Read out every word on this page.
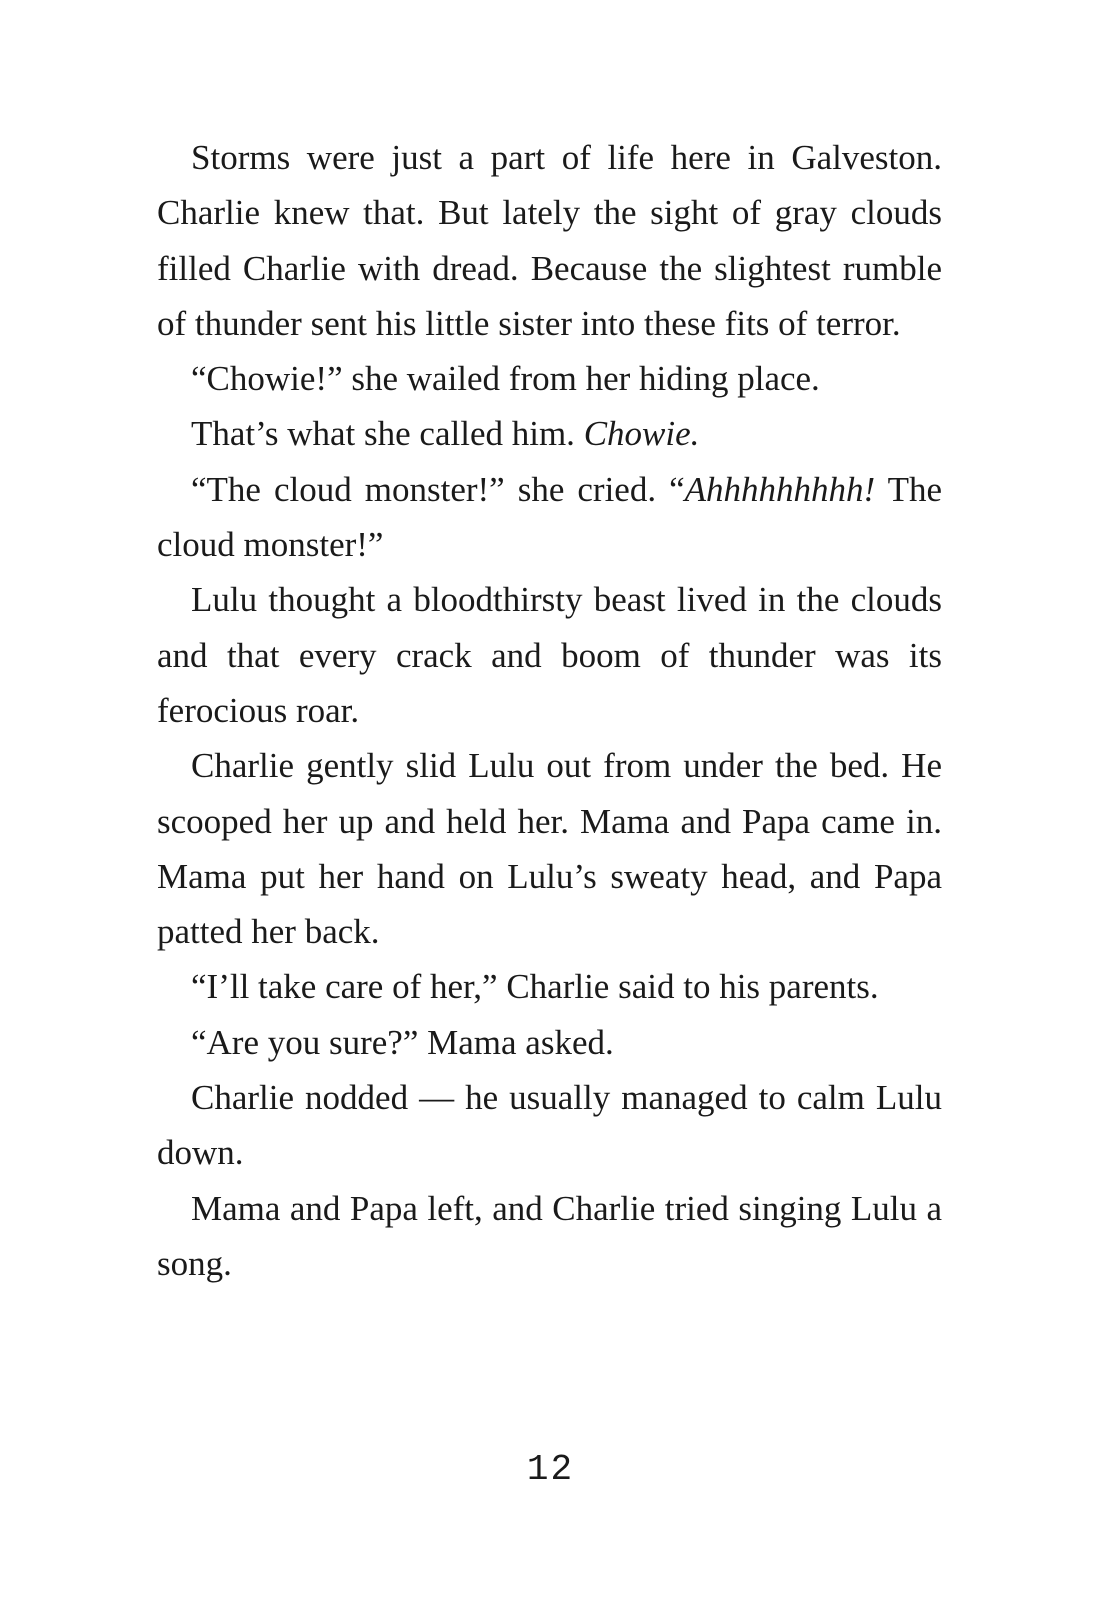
Storms were just a part of life here in Galveston. Charlie knew that. But lately the sight of gray clouds filled Charlie with dread. Because the slightest rumble of thunder sent his little sister into these fits of terror.

“Chowie!” she wailed from her hiding place.

That’s what she called him. Chowie.

“The cloud monster!” she cried. “Ahhhhhhhhh! The cloud monster!”

Lulu thought a bloodthirsty beast lived in the clouds and that every crack and boom of thunder was its ferocious roar.

Charlie gently slid Lulu out from under the bed. He scooped her up and held her. Mama and Papa came in. Mama put her hand on Lulu’s sweaty head, and Papa patted her back.

“I’ll take care of her,” Charlie said to his parents.

“Are you sure?” Mama asked.

Charlie nodded — he usually managed to calm Lulu down.

Mama and Papa left, and Charlie tried singing Lulu a song.

12
